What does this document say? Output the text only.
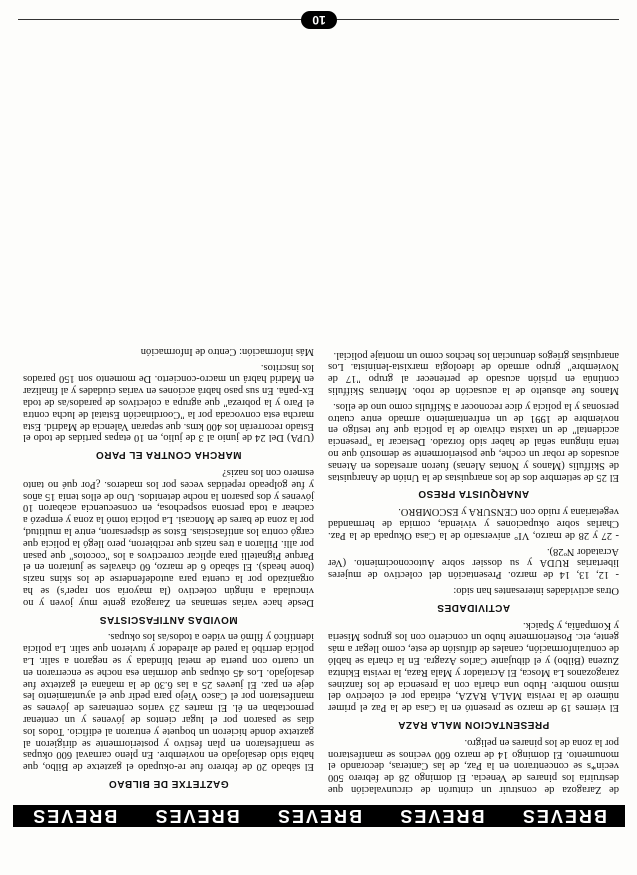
BREVES
BREVES
BREVES
BREVES
BREVES

de Zaragoza de construir un cinturón de circunvalación que destruiría los pinares de Venecia. El domingo 28 de febrero 500 vecin*s se concentraron en la Paz, de las Canteras, decorando el monumento. El domingo 14 de marzo 600 vecinos se manifestaron por la zona de los pinares en peligro.

PRESENTACION MALA RAZA

El viernes 19 de marzo se presentó en la Casa de la Paz el primer número de la revista MALA RAZA, editada por el colectivo del mismo nombre. Hubo una charla con la presencia de los fanzines zaragozanos La Mosca, El Acratador y Mala Raza, la revista Ekintza Zuzena (Bilbo) y el dibujante Carlos Azagra. En la charla se habló de contrainformación, canales de difusión de este, como llegar a más gente, etc. Posteriormente hubo un concierto con los grupos Miseria y Kompañía, y Spaick.

ACTIVIDADES

Otras actividades interesantes han sido:

- 12, 13, 14 de marzo. Presentación del colectivo de mujeres libertarias RUDA y su dossier sobre Autoconocimiento. (Ver Acratador Nº28).

- 27 y 28 de marzo, VI° aniversario de la Casa Okupada de la Paz. Charlas sobre okupaciones y vivienda, comida de hermandad vegetariana y ruido con CENSURA y ESCOMBRO.

ANARQUISTA PRESO

El 25 de setiembre dos de los anarquistas de la Unión de Anarquistas de Skiffulis (Manos y Nontas Alenas) fueron arrestados en Atenas acusados de robar un coche, que posteriormente se demostró que no tenía ninguna señal de haber sido forzado. Destacar la "presencia accidental" de un taxista chivato de la policía que fue testigo en noviembre de 1991 de un enfrentamiento armado entre cuatro personas y la policía y dice reconocer a Skiffulis como uno de ellos.

Manos fue absuelto de la acusación de robo. Mientras Skiffulis continúa en prisión acusado de pertenecer al grupo "17 de Noviembre" grupo armado de ideología marxista-leninista. Los anarquistas griegos denuncian los hechos como un montaje policial.

GAZTETXE DE BILBAO

El sábado 20 de febrero fue re-okupado el gaztetxe de Bilbo, que había sido desalojado en noviembre. En pleno carnaval 600 okupas se manifestaron en plan festivo y posteriormente se dirigieron al gaztetxe donde hicieron un boquete y entraron al edificio. Todos los días se pasaron por el lugar cientos de jóvenes y un centenar pernoctaban en él. El martes 23 varios centenares de jóvenes se manifestaron por el Casco Viejo para pedir que el ayuntamiento les deje en paz. El jueves 25 a las 6.30 de la mañana el gaztetxe fue desalojado. Los 45 okupas que dormían esa noche se encerraron en un cuarto con puerta de metal blindada y se negaron a salir. La policía derribó la pared de alrededor y tuvieron que salir. La policía identificó y filmó en vídeo a todos/as los okupas.

MOVIDAS ANTIFASCISTAS

Desde hace varias semanas en Zaragoza gente muy joven y no vinculada a ningún colectivo (la mayoría son raper's) se ha organizado por la cuenta para autodefenderse de los skins nazis (bone heads). El sábado 6 de marzo, 60 chavales se juntaron en el Parque Pignatelli para aplicar correctivos a los "cocotos" que pasan por allí. Pillaron a tres nazis que recibieron, pero llegó la policía que cargó contra los antifascistas. Estos se dispersaron, entre la multitud, por la zona de bares de Moncasi. La policía tomó la zona y empezó a cachear a toda persona sospechosa, en consecuencia acabaron 10 jóvenes y dos pasaron la noche detenidos. Uno de ellos tenía 15 años y fue golpeado repetidas veces por los maderos. ¿Por qué no tanto esmero con los nazis?

MARCHA CONTRA EL PARO

(UPA) Del 24 de junio al 3 de julio, en 10 etapas partidas de todo el Estado recorrerán los 400 kms. que separan Valencia de Madrid. Esta marcha esta convocada por la "Coordinación Estatal de lucha contra el Paro y la pobreza" que agrupa a colectivos de parados/as de toda Ex-paña. En sus paso habrá acciones en varias ciudades y al finalizar en Madrid habrá un macro-concierto. De momento son 150 parados los inscritos.

Más información: Centro de Información

10
